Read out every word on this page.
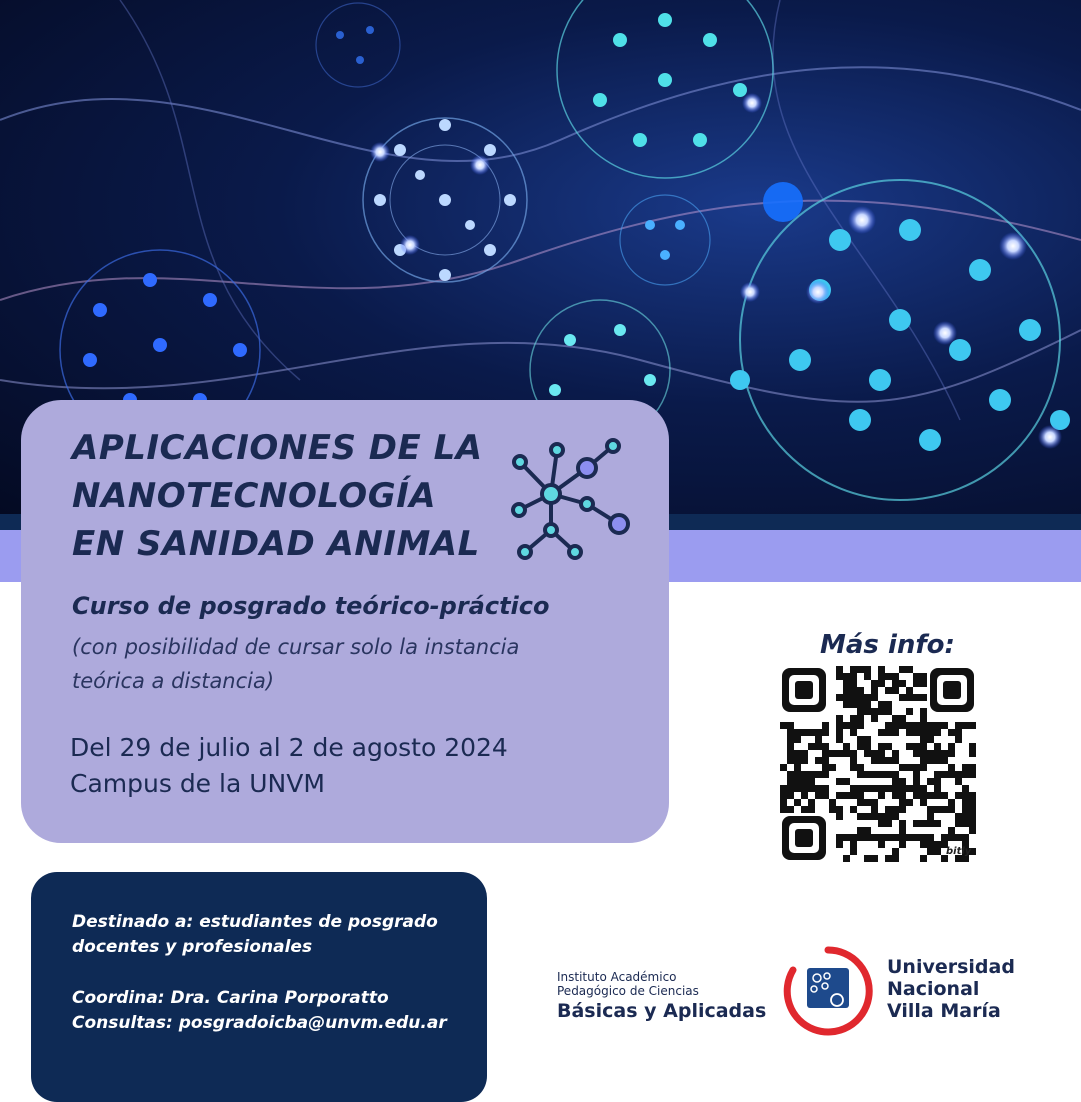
APLICACIONES DE LA
NANOTECNOLOGÍA
EN SANIDAD ANIMAL
Curso de posgrado teórico-práctico
(con posibilidad de cursar solo la instancia teórica a distancia)
Del 29 de julio al 2 de agosto 2024
Campus de la UNVM
Más info:
bitly
Destinado a: estudiantes de posgrado
docentes y profesionales
Coordina: Dra. Carina Porporatto
Consultas: posgradoicba@unvm.edu.ar
Instituto Académico
Pedagógico de Ciencias
Básicas y Aplicadas
Universidad
Nacional
Villa María
